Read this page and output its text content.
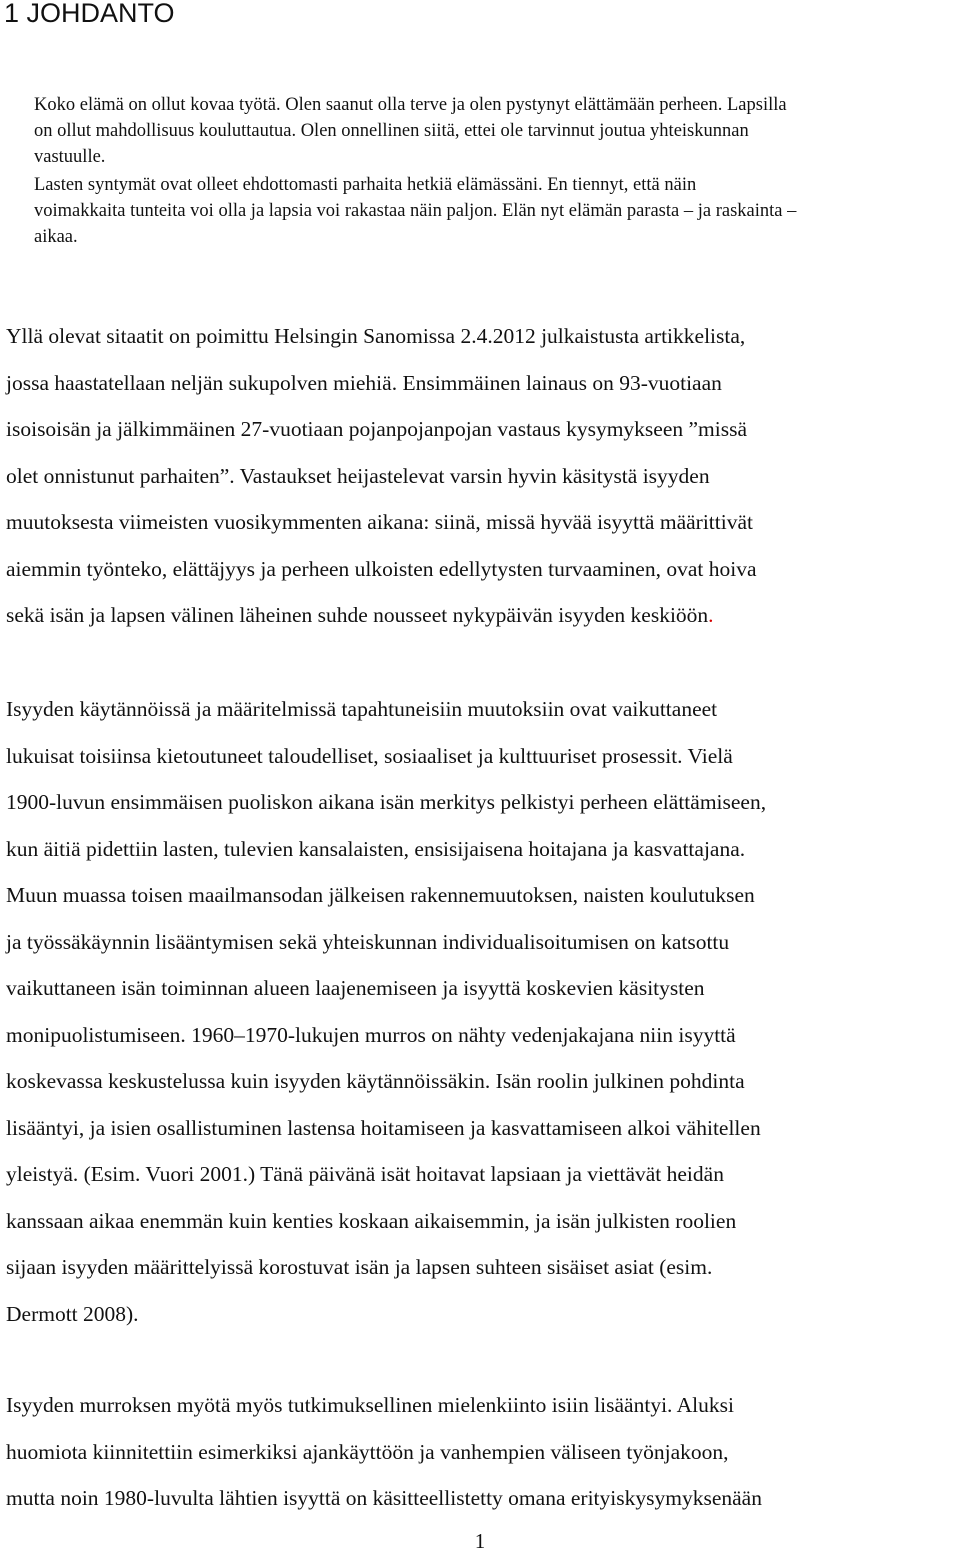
1 JOHDANTO
Koko elämä on ollut kovaa työtä. Olen saanut olla terve ja olen pystynyt elättämään perheen. Lapsilla
on ollut mahdollisuus kouluttautua. Olen onnellinen siitä, ettei ole tarvinnut joutua yhteiskunnan
vastuulle.
Lasten syntymät ovat olleet ehdottomasti parhaita hetkiä elämässäni. En tiennyt, että näin
voimakkaita tunteita voi olla ja lapsia voi rakastaa näin paljon. Elän nyt elämän parasta – ja raskainta –
aikaa.
Yllä olevat sitaatit on poimittu Helsingin Sanomissa 2.4.2012 julkaistusta artikkelista,
jossa haastatellaan neljän sukupolven miehiä. Ensimmäinen lainaus on 93-vuotiaan
isoisoisän ja jälkimmäinen 27-vuotiaan pojanpojanpojan vastaus kysymykseen ”missä
olet onnistunut parhaiten”. Vastaukset heijastelevat varsin hyvin käsitystä isyyden
muutoksesta viimeisten vuosikymmenten aikana: siinä, missä hyvää isyyttä määrittivät
aiemmin työnteko, elättäjyys ja perheen ulkoisten edellytysten turvaaminen, ovat hoiva
sekä isän ja lapsen välinen läheinen suhde nousseet nykypäivän isyyden keskiöön.
Isyyden käytännöissä ja määritelmissä tapahtuneisiin muutoksiin ovat vaikuttaneet
lukuisat toisiinsa kietoutuneet taloudelliset, sosiaaliset ja kulttuuriset prosessit. Vielä
1900-luvun ensimmäisen puoliskon aikana isän merkitys pelkistyi perheen elättämiseen,
kun äitiä pidettiin lasten, tulevien kansalaisten, ensisijaisena hoitajana ja kasvattajana.
Muun muassa toisen maailmansodan jälkeisen rakennemuutoksen, naisten koulutuksen
ja työssäkäynnin lisääntymisen sekä yhteiskunnan individualisoitumisen on katsottu
vaikuttaneen isän toiminnan alueen laajenemiseen ja isyyttä koskevien käsitysten
monipuolistumiseen. 1960–1970-lukujen murros on nähty vedenjakajana niin isyyttä
koskevassa keskustelussa kuin isyyden käytännöissäkin. Isän roolin julkinen pohdinta
lisääntyi, ja isien osallistuminen lastensa hoitamiseen ja kasvattamiseen alkoi vähitellen
yleistyä. (Esim. Vuori 2001.) Tänä päivänä isät hoitavat lapsiaan ja viettävät heidän
kanssaan aikaa enemmän kuin kenties koskaan aikaisemmin, ja isän julkisten roolien
sijaan isyyden määrittelyissä korostuvat isän ja lapsen suhteen sisäiset asiat (esim.
Dermott 2008).
Isyyden murroksen myötä myös tutkimuksellinen mielenkiinto isiin lisääntyi. Aluksi
huomiota kiinnitettiin esimerkiksi ajankäyttöön ja vanhempien väliseen työnjakoon,
mutta noin 1980-luvulta lähtien isyyttä on käsitteellistetty omana erityiskysymyksenään

1
